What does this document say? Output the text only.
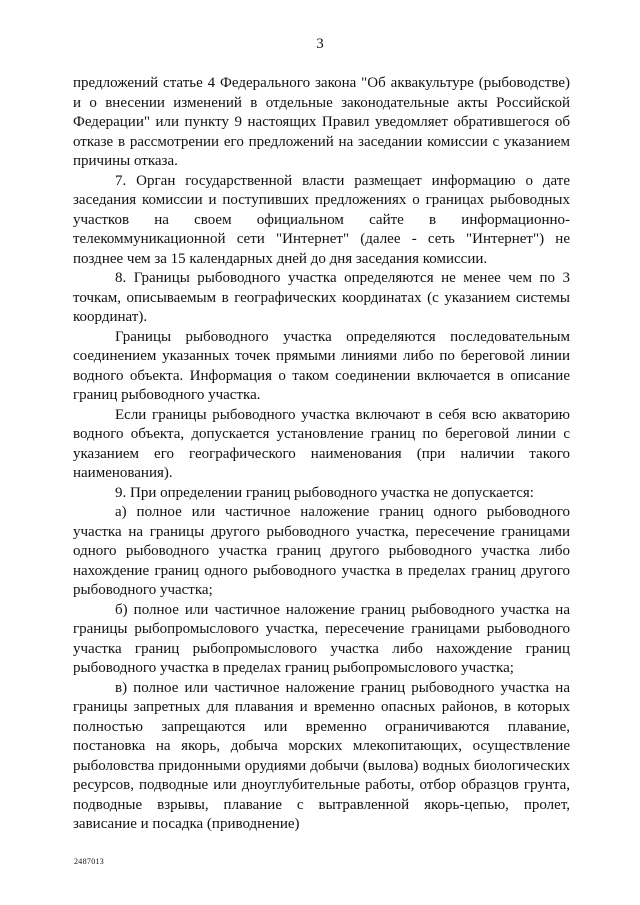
3

предложений статье 4 Федерального закона "Об аквакультуре (рыбоводстве) и о внесении изменений в отдельные законодательные акты Российской Федерации" или пункту 9 настоящих Правил уведомляет обратившегося об отказе в рассмотрении его предложений на заседании комиссии с указанием причины отказа.

7. Орган государственной власти размещает информацию о дате заседания комиссии и поступивших предложениях о границах рыбоводных участков на своем официальном сайте в информационно-телекоммуникационной сети "Интернет" (далее - сеть "Интернет") не позднее чем за 15 календарных дней до дня заседания комиссии.

8. Границы рыбоводного участка определяются не менее чем по 3 точкам, описываемым в географических координатах (с указанием системы координат).

Границы рыбоводного участка определяются последовательным соединением указанных точек прямыми линиями либо по береговой линии водного объекта. Информация о таком соединении включается в описание границ рыбоводного участка.

Если границы рыбоводного участка включают в себя всю акваторию водного объекта, допускается установление границ по береговой линии с указанием его географического наименования (при наличии такого наименования).

9. При определении границ рыбоводного участка не допускается:

а) полное или частичное наложение границ одного рыбоводного участка на границы другого рыбоводного участка, пересечение границами одного рыбоводного участка границ другого рыбоводного участка либо нахождение границ одного рыбоводного участка в пределах границ другого рыбоводного участка;

б) полное или частичное наложение границ рыбоводного участка на границы рыбопромыслового участка, пересечение границами рыбоводного участка границ рыбопромыслового участка либо нахождение границ рыбоводного участка в пределах границ рыбопромыслового участка;

в) полное или частичное наложение границ рыбоводного участка на границы запретных для плавания и временно опасных районов, в которых полностью запрещаются или временно ограничиваются плавание, постановка на якорь, добыча морских млекопитающих, осуществление рыболовства придонными орудиями добычи (вылова) водных биологических ресурсов, подводные или дноуглубительные работы, отбор образцов грунта, подводные взрывы, плавание с вытравленной якорь-цепью, пролет, зависание и посадка (приводнение)

2487013
